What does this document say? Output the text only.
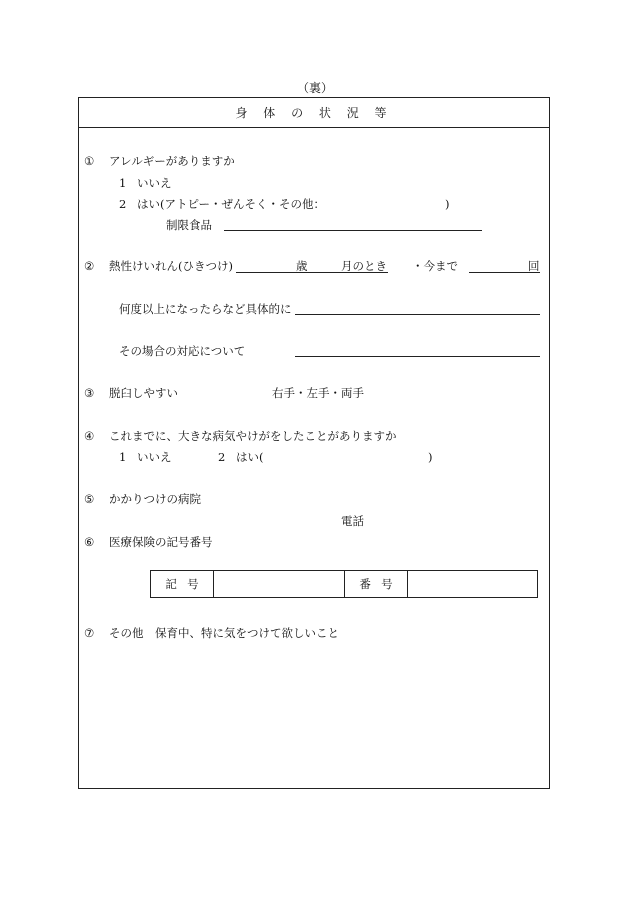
（裏）
身 体 の 状 況 等
① アレルギーがありますか
1 いいえ
2 はい(アトピー・ぜんそく・その他：	)
制限食品
② 熱性けいれん(ひきつけ)	歳	月のとき ・今まで	回
何度以上になったらなど具体的に
その場合の対応について
③ 脱臼しやすい	右手・左手・両手
④ これまでに、大きな病気やけがをしたことがありますか
1 いいえ	2 はい(	)
⑤ かかりつけの病院
電話
⑥ 医療保険の記号番号
記号	番号
⑦ その他　保育中、特に気をつけて欲しいこと
